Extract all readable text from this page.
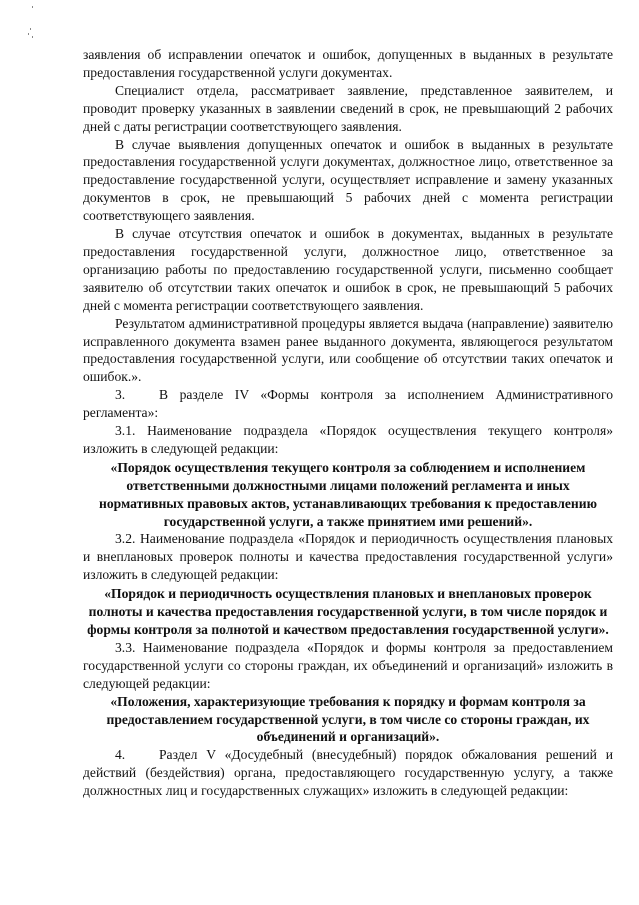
заявления об исправлении опечаток и ошибок, допущенных в выданных в результате предоставления государственной услуги документах.

Специалист отдела, рассматривает заявление, представленное заявителем, и проводит проверку указанных в заявлении сведений в срок, не превышающий 2 рабочих дней с даты регистрации соответствующего заявления.

В случае выявления допущенных опечаток и ошибок в выданных в результате предоставления государственной услуги документах, должностное лицо, ответственное за предоставление государственной услуги, осуществляет исправление и замену указанных документов в срок, не превышающий 5 рабочих дней с момента регистрации соответствующего заявления.

В случае отсутствия опечаток и ошибок в документах, выданных в результате предоставления государственной услуги, должностное лицо, ответственное за организацию работы по предоставлению государственной услуги, письменно сообщает заявителю об отсутствии таких опечаток и ошибок в срок, не превышающий 5 рабочих дней с момента регистрации соответствующего заявления.

Результатом административной процедуры является выдача (направление) заявителю исправленного документа взамен ранее выданного документа, являющегося результатом предоставления государственной услуги, или сообщение об отсутствии таких опечаток и ошибок.».

3. В разделе IV «Формы контроля за исполнением Административного регламента»:

3.1. Наименование подраздела «Порядок осуществления текущего контроля» изложить в следующей редакции:

«Порядок осуществления текущего контроля за соблюдением и исполнением ответственными должностными лицами положений регламента и иных нормативных правовых актов, устанавливающих требования к предоставлению государственной услуги, а также принятием ими решений».

3.2. Наименование подраздела «Порядок и периодичность осуществления плановых и внеплановых проверок полноты и качества предоставления государственной услуги» изложить в следующей редакции:

«Порядок и периодичность осуществления плановых и внеплановых проверок полноты и качества предоставления государственной услуги, в том числе порядок и формы контроля за полнотой и качеством предоставления государственной услуги».

3.3. Наименование подраздела «Порядок и формы контроля за предоставлением государственной услуги со стороны граждан, их объединений и организаций» изложить в следующей редакции:

«Положения, характеризующие требования к порядку и формам контроля за предоставлением государственной услуги, в том числе со стороны граждан, их объединений и организаций».

4. Раздел V «Досудебный (внесудебный) порядок обжалования решений и действий (бездействия) органа, предоставляющего государственную услугу, а также должностных лиц и государственных служащих» изложить в следующей редакции:
